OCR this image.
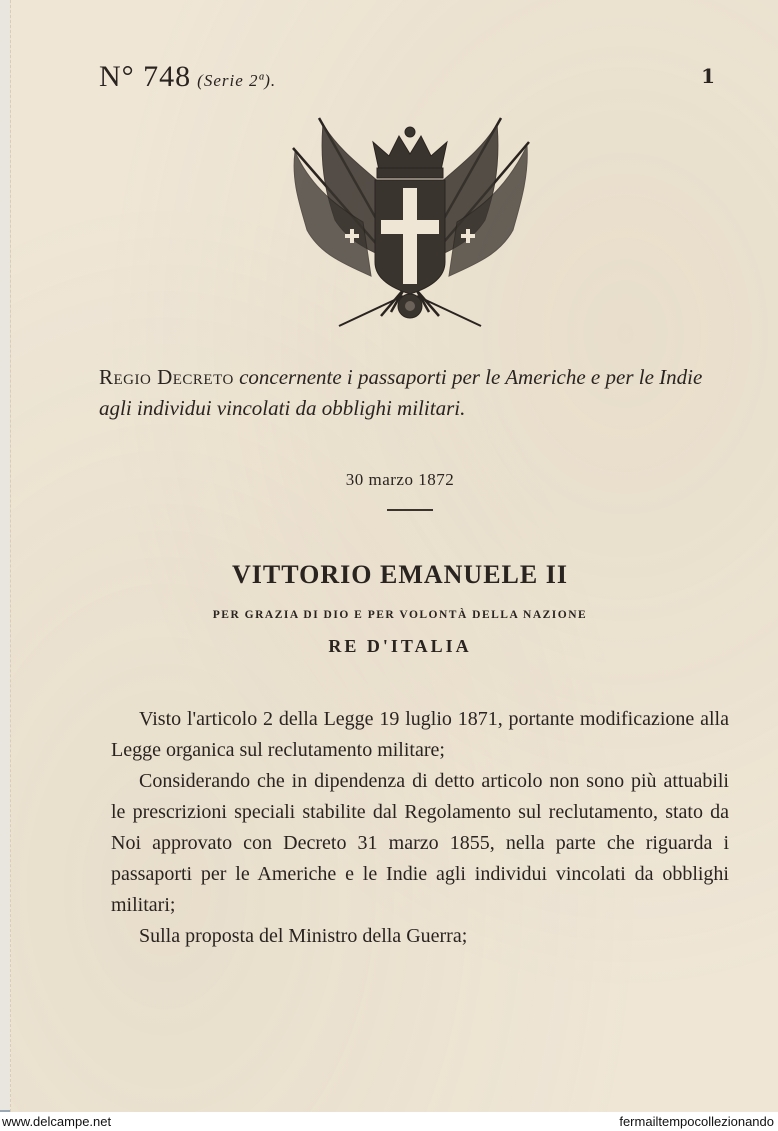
N° 748 (Serie 2ª).	1
Regio Decreto concernente i passaporti per le Americhe e per le Indie agli individui vincolati da obblighi militari.
30 marzo 1872
VITTORIO EMANUELE II
PER GRAZIA DI DIO E PER VOLONTÀ DELLA NAZIONE
RE D'ITALIA

Visto l'articolo 2 della Legge 19 luglio 1871, portante modificazione alla Legge organica sul reclutamento militare;

Considerando che in dipendenza di detto articolo non sono più attuabili le prescrizioni speciali stabilite dal Regolamento sul reclutamento, stato da Noi approvato con Decreto 31 marzo 1855, nella parte che riguarda i passaporti per le Americhe e le Indie agli individui vincolati da obblighi militari;

Sulla proposta del Ministro della Guerra;

www.delcampe.net	fermailtempocollezionando
